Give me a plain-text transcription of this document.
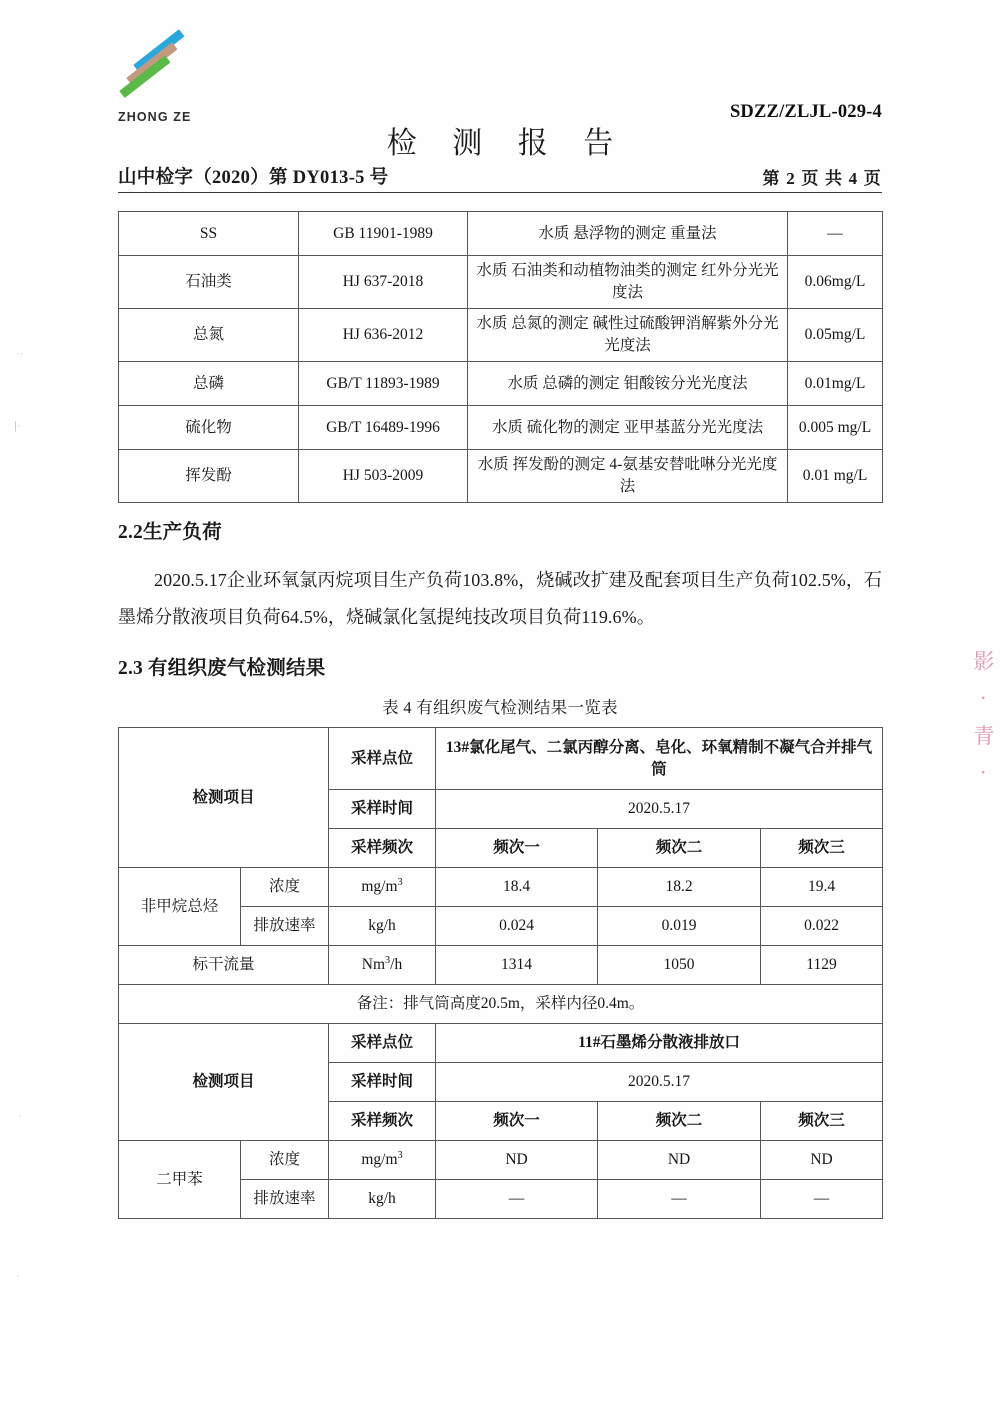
ZHONG ZE	SDZZ/ZLJL-029-4
检 测 报 告
山中检字（2020）第 DY013-5 号	第 2 页 共 4 页
SS	GB 11901-1989	水质 悬浮物的测定 重量法	—
石油类	HJ 637-2018	水质 石油类和动植物油类的测定 红外分光光度法	0.06mg/L
总氮	HJ 636-2012	水质 总氮的测定 碱性过硫酸钾消解紫外分光光度法	0.05mg/L
总磷	GB/T 11893-1989	水质 总磷的测定 钼酸铵分光光度法	0.01mg/L
硫化物	GB/T 16489-1996	水质 硫化物的测定 亚甲基蓝分光光度法	0.005 mg/L
挥发酚	HJ 503-2009	水质 挥发酚的测定 4-氨基安替吡啉分光光度法	0.01 mg/L
2.2生产负荷
2020.5.17企业环氧氯丙烷项目生产负荷103.8%，烧碱改扩建及配套项目生产负荷102.5%，石墨烯分散液项目负荷64.5%，烧碱氯化氢提纯技改项目负荷119.6%。
2.3 有组织废气检测结果
表 4 有组织废气检测结果一览表
检测项目		采样点位	13#氯化尾气、二氯丙醇分离、皂化、环氧精制不凝气合并排气筒		
		采样时间	2020.5.17		
		采样频次	频次一	频次二	频次三
非甲烷总烃	浓度	$mg/m^3$	18.4	18.2	19.4
	排放速率	kg/h	0.024	0.019	0.022
标干流量		Nm$^3$/h	1314	1050	1129
备注：排气筒高度20.5m，采样内径0.4m。					
检测项目		采样点位	11#石墨烯分散液排放口		
		采样时间	2020.5.17		
		采样频次	频次一	频次二	频次三
二甲苯	浓度	$mg/m^3$	ND	ND	ND
	排放速率	kg/h	—	—	—
影 · 青 ·
··
|·
·
·
